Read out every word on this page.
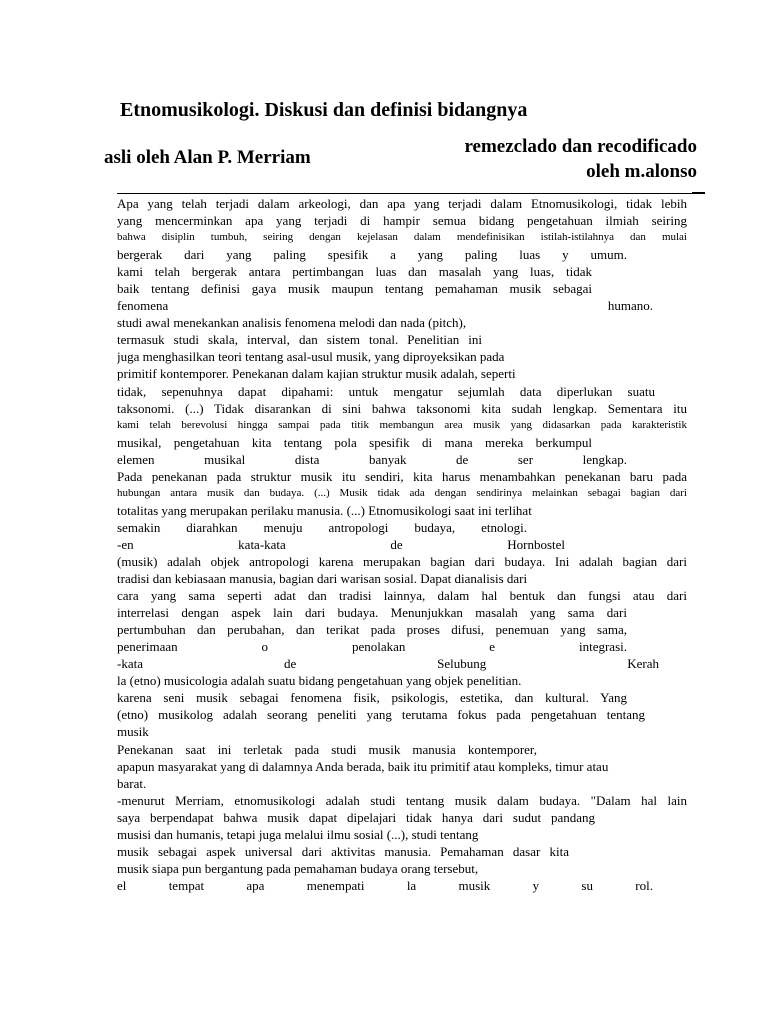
Etnomusikologi. Diskusi dan definisi bidangnya
asli oleh Alan P. Merriam
remezclado dan recodificado
oleh m.alonso
Apa yang telah terjadi dalam arkeologi, dan apa yang terjadi dalam Etnomusikologi, tidak lebih
yang mencerminkan apa yang terjadi di hampir semua bidang pengetahuan ilmiah seiring
bahwa disiplin tumbuh, seiring dengan kejelasan dalam mendefinisikan istilah-istilahnya dan mulai
bergerak dari yang paling spesifik a yang paling luas y umum.
kami telah bergerak antara pertimbangan luas dan masalah yang luas, tidak
baik tentang definisi gaya musik maupun tentang pemahaman musik sebagai
fenomena humano.
studi awal menekankan analisis fenomena melodi dan nada (pitch),
termasuk studi skala, interval, dan sistem tonal. Penelitian ini
juga menghasilkan teori tentang asal-usul musik, yang diproyeksikan pada
primitif kontemporer. Penekanan dalam kajian struktur musik adalah, seperti
tidak, sepenuhnya dapat dipahami: untuk mengatur sejumlah data diperlukan suatu
taksonomi. (...) Tidak disarankan di sini bahwa taksonomi kita sudah lengkap. Sementara itu
kami telah berevolusi hingga sampai pada titik membangun area musik yang didasarkan pada karakteristik
musikal, pengetahuan kita tentang pola spesifik di mana mereka berkumpul
elemen musikal dista banyak de ser lengkap.
Pada penekanan pada struktur musik itu sendiri, kita harus menambahkan penekanan baru pada
hubungan antara musik dan budaya. (...) Musik tidak ada dengan sendirinya melainkan sebagai bagian dari
totalitas yang merupakan perilaku manusia. (...) Etnomusikologi saat ini terlihat
semakin diarahkan menuju antropologi budaya, etnologi.
-en kata-kata de Hornbostel
(musik) adalah objek antropologi karena merupakan bagian dari budaya. Ini adalah bagian dari
tradisi dan kebiasaan manusia, bagian dari warisan sosial. Dapat dianalisis dari
cara yang sama seperti adat dan tradisi lainnya, dalam hal bentuk dan fungsi atau dari
interrelasi dengan aspek lain dari budaya. Menunjukkan masalah yang sama dari
pertumbuhan dan perubahan, dan terikat pada proses difusi, penemuan yang sama,
penerimaan o penolakan e integrasi.
-kata de Selubung Kerah
la (etno) musicologia adalah suatu bidang pengetahuan yang objek penelitian.
karena seni musik sebagai fenomena fisik, psikologis, estetika, dan kultural. Yang
(etno) musikolog adalah seorang peneliti yang terutama fokus pada pengetahuan tentang
musik
Penekanan saat ini terletak pada studi musik manusia kontemporer,
apapun masyarakat yang di dalamnya Anda berada, baik itu primitif atau kompleks, timur atau
barat.
-menurut Merriam, etnomusikologi adalah studi tentang musik dalam budaya. "Dalam hal lain
saya berpendapat bahwa musik dapat dipelajari tidak hanya dari sudut pandang
musisi dan humanis, tetapi juga melalui ilmu sosial (...), studi tentang
musik sebagai aspek universal dari aktivitas manusia. Pemahaman dasar kita
musik siapa pun bergantung pada pemahaman budaya orang tersebut,
el tempat apa menempati la musik y su rol.
